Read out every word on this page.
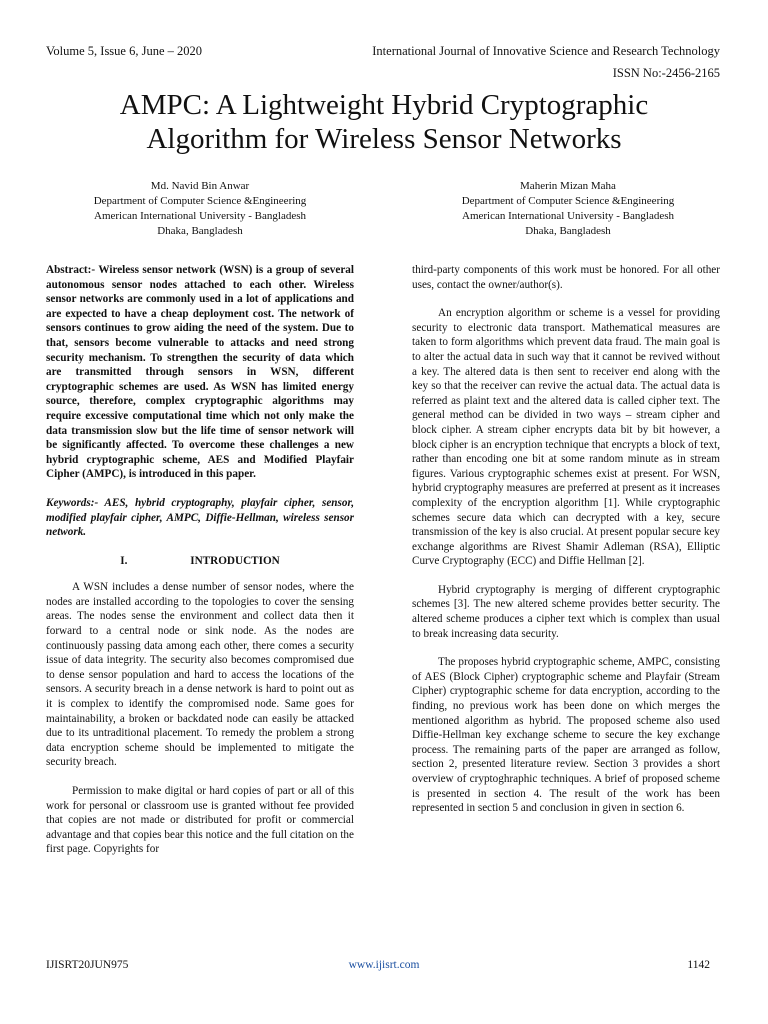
Volume 5, Issue 6, June – 2020	International Journal of Innovative Science and Research Technology
ISSN No:-2456-2165
AMPC: A Lightweight Hybrid Cryptographic
Algorithm for Wireless Sensor Networks
Md. Navid Bin Anwar
Department of Computer Science &Engineering
American International University - Bangladesh
Dhaka, Bangladesh
Maherin Mizan Maha
Department of Computer Science &Engineering
American International University - Bangladesh
Dhaka, Bangladesh

Abstract:- Wireless sensor network (WSN) is a group of several autonomous sensor nodes attached to each other. Wireless sensor networks are commonly used in a lot of applications and are expected to have a cheap deployment cost. The network of sensors continues to grow aiding the need of the system. Due to that, sensors become vulnerable to attacks and need strong security mechanism. To strengthen the security of data which are transmitted through sensors in WSN, different cryptographic schemes are used. As WSN has limited energy source, therefore, complex cryptographic algorithms may require excessive computational time which not only make the data transmission slow but the life time of sensor network will be significantly affected. To overcome these challenges a new hybrid cryptographic scheme, AES and Modified Playfair Cipher (AMPC), is introduced in this paper.

Keywords:- AES, hybrid cryptography, playfair cipher, sensor, modified playfair cipher, AMPC, Diffie-Hellman, wireless sensor network.

I.	INTRODUCTION

A WSN includes a dense number of sensor nodes, where the nodes are installed according to the topologies to cover the sensing areas. The nodes sense the environment and collect data then it forward to a central node or sink node. As the nodes are continuously passing data among each other, there comes a security issue of data integrity. The security also becomes compromised due to dense sensor population and hard to access the locations of the sensors. A security breach in a dense network is hard to point out as it is complex to identify the compromised node. Same goes for maintainability, a broken or backdated node can easily be attacked due to its untraditional placement. To remedy the problem a strong data encryption scheme should be implemented to mitigate the security breach.

Permission to make digital or hard copies of part or all of this work for personal or classroom use is granted without fee provided that copies are not made or distributed for profit or commercial advantage and that copies bear this notice and the full citation on the first page. Copyrights for

third-party components of this work must be honored. For all other uses, contact the owner/author(s).

An encryption algorithm or scheme is a vessel for providing security to electronic data transport. Mathematical measures are taken to form algorithms which prevent data fraud. The main goal is to alter the actual data in such way that it cannot be revived without a key. The altered data is then sent to receiver end along with the key so that the receiver can revive the actual data. The actual data is referred as plaint text and the altered data is called cipher text. The general method can be divided in two ways – stream cipher and block cipher. A stream cipher encrypts data bit by bit however, a block cipher is an encryption technique that encrypts a block of text, rather than encoding one bit at some random minute as in stream figures. Various cryptographic schemes exist at present. For WSN, hybrid cryptography measures are preferred at present as it increases complexity of the encryption algorithm [1]. While cryptographic schemes secure data which can decrypted with a key, secure transmission of the key is also crucial. At present popular secure key exchange algorithms are Rivest Shamir Adleman (RSA), Elliptic Curve Cryptography (ECC) and Diffie Hellman [2].

Hybrid cryptography is merging of different cryptographic schemes [3]. The new altered scheme provides better security. The altered scheme produces a cipher text which is complex than usual to break increasing data security.

The proposes hybrid cryptographic scheme, AMPC, consisting of AES (Block Cipher) cryptographic scheme and Playfair (Stream Cipher) cryptographic scheme for data encryption, according to the finding, no previous work has been done on which merges the mentioned algorithm as hybrid. The proposed scheme also used Diffie-Hellman key exchange scheme to secure the key exchange process. The remaining parts of the paper are arranged as follow, section 2, presented literature review. Section 3 provides a short overview of cryptoghraphic techniques. A brief of proposed scheme is presented in section 4. The result of the work has been represented in section 5 and conclusion in given in section 6.

IJISRT20JUN975	www.ijisrt.com	1142
